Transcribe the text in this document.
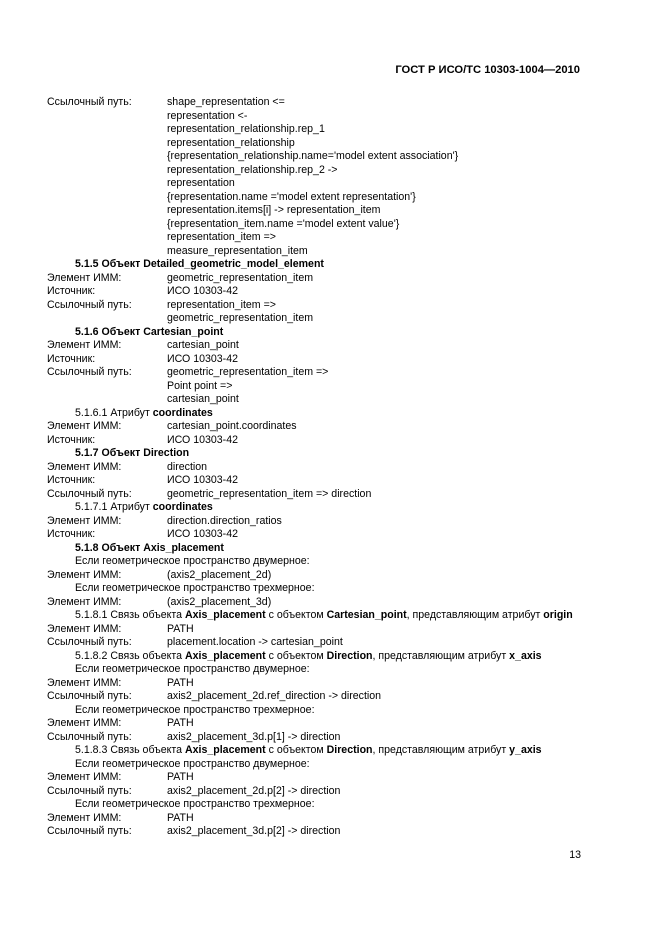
ГОСТ Р ИСО/ТС 10303-1004—2010
Ссылочный путь:	shape_representation <=
representation <-
representation_relationship.rep_1
representation_relationship
{representation_relationship.name='model extent association'}
representation_relationship.rep_2 ->
representation
{representation.name ='model extent representation'}
representation.items[i] -> representation_item
{representation_item.name ='model extent value'}
representation_item =>
measure_representation_item
5.1.5 Объект Detailed_geometric_model_element
Элемент ИММ:	geometric_representation_item
Источник:	ИСО 10303-42
Ссылочный путь:	representation_item =>
geometric_representation_item
5.1.6 Объект Cartesian_point
Элемент ИММ:	cartesian_point
Источник:	ИСО 10303-42
Ссылочный путь:	geometric_representation_item =>
Point point =>
cartesian_point
5.1.6.1 Атрибут coordinates
Элемент ИММ:	cartesian_point.coordinates
Источник:	ИСО 10303-42
5.1.7 Объект Direction
Элемент ИММ:	direction
Источник:	ИСО 10303-42
Ссылочный путь:	geometric_representation_item => direction
5.1.7.1 Атрибут coordinates
Элемент ИММ:	direction.direction_ratios
Источник:	ИСО 10303-42
5.1.8 Объект Axis_placement
Если геометрическое пространство двумерное:
Элемент ИММ:	(axis2_placement_2d)
Если геометрическое пространство трехмерное:
Элемент ИММ:	(axis2_placement_3d)
5.1.8.1 Связь объекта Axis_placement с объектом Cartesian_point, представляющим атрибут origin
Элемент ИММ:	PATH
Ссылочный путь:	placement.location -> cartesian_point
5.1.8.2 Связь объекта Axis_placement с объектом Direction, представляющим атрибут x_axis
Если геометрическое пространство двумерное:
Элемент ИММ:	PATH
Ссылочный путь:	axis2_placement_2d.ref_direction -> direction
Если геометрическое пространство трехмерное:
Элемент ИММ:	PATH
Ссылочный путь:	axis2_placement_3d.p[1] -> direction
5.1.8.3 Связь объекта Axis_placement с объектом Direction, представляющим атрибут y_axis
Если геометрическое пространство двумерное:
Элемент ИММ:	PATH
Ссылочный путь:	axis2_placement_2d.p[2] -> direction
Если геометрическое пространство трехмерное:
Элемент ИММ:	PATH
Ссылочный путь:	axis2_placement_3d.p[2] -> direction
13
